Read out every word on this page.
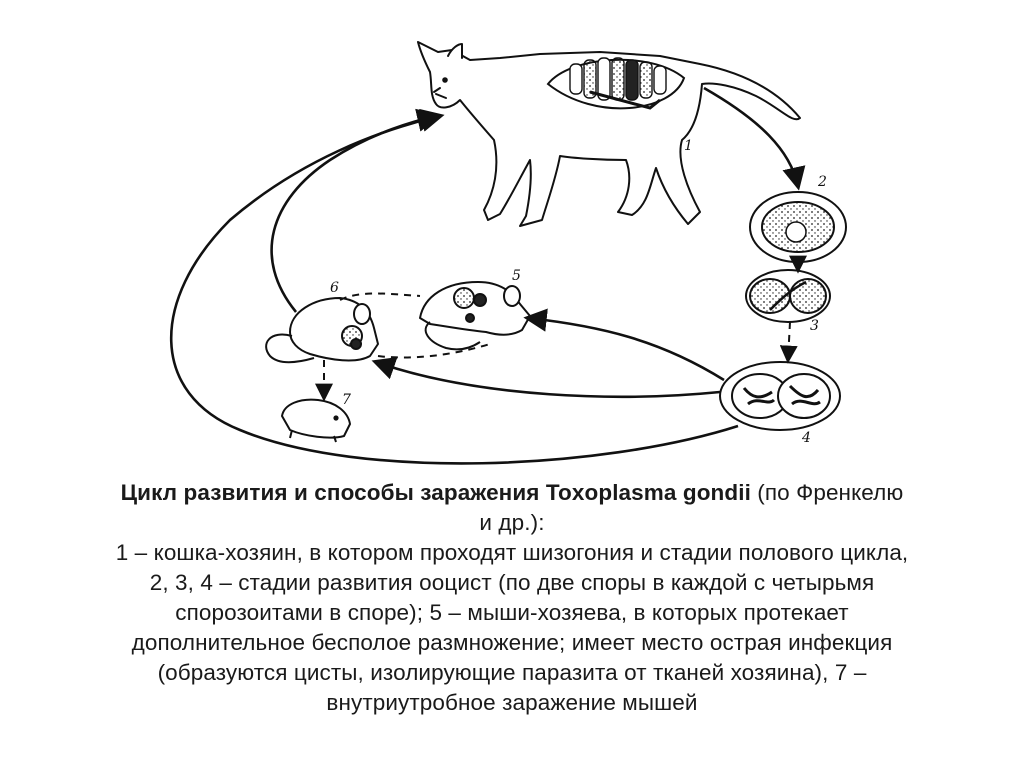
1
2
3
4
5
6
7
Цикл развития и способы заражения Toxoplasma gondii (по Френкелю
и др.):
1 – кошка-хозяин, в котором проходят шизогония и стадии полового цикла,
2, 3, 4 – стадии развития ооцист (по две споры в каждой с четырьмя
спорозоитами в споре); 5 – мыши-хозяева, в которых протекает
дополнительное бесполое размножение; имеет место острая инфекция
(образуются цисты, изолирующие паразита от тканей хозяина), 7 –
внутриутробное заражение мышей
